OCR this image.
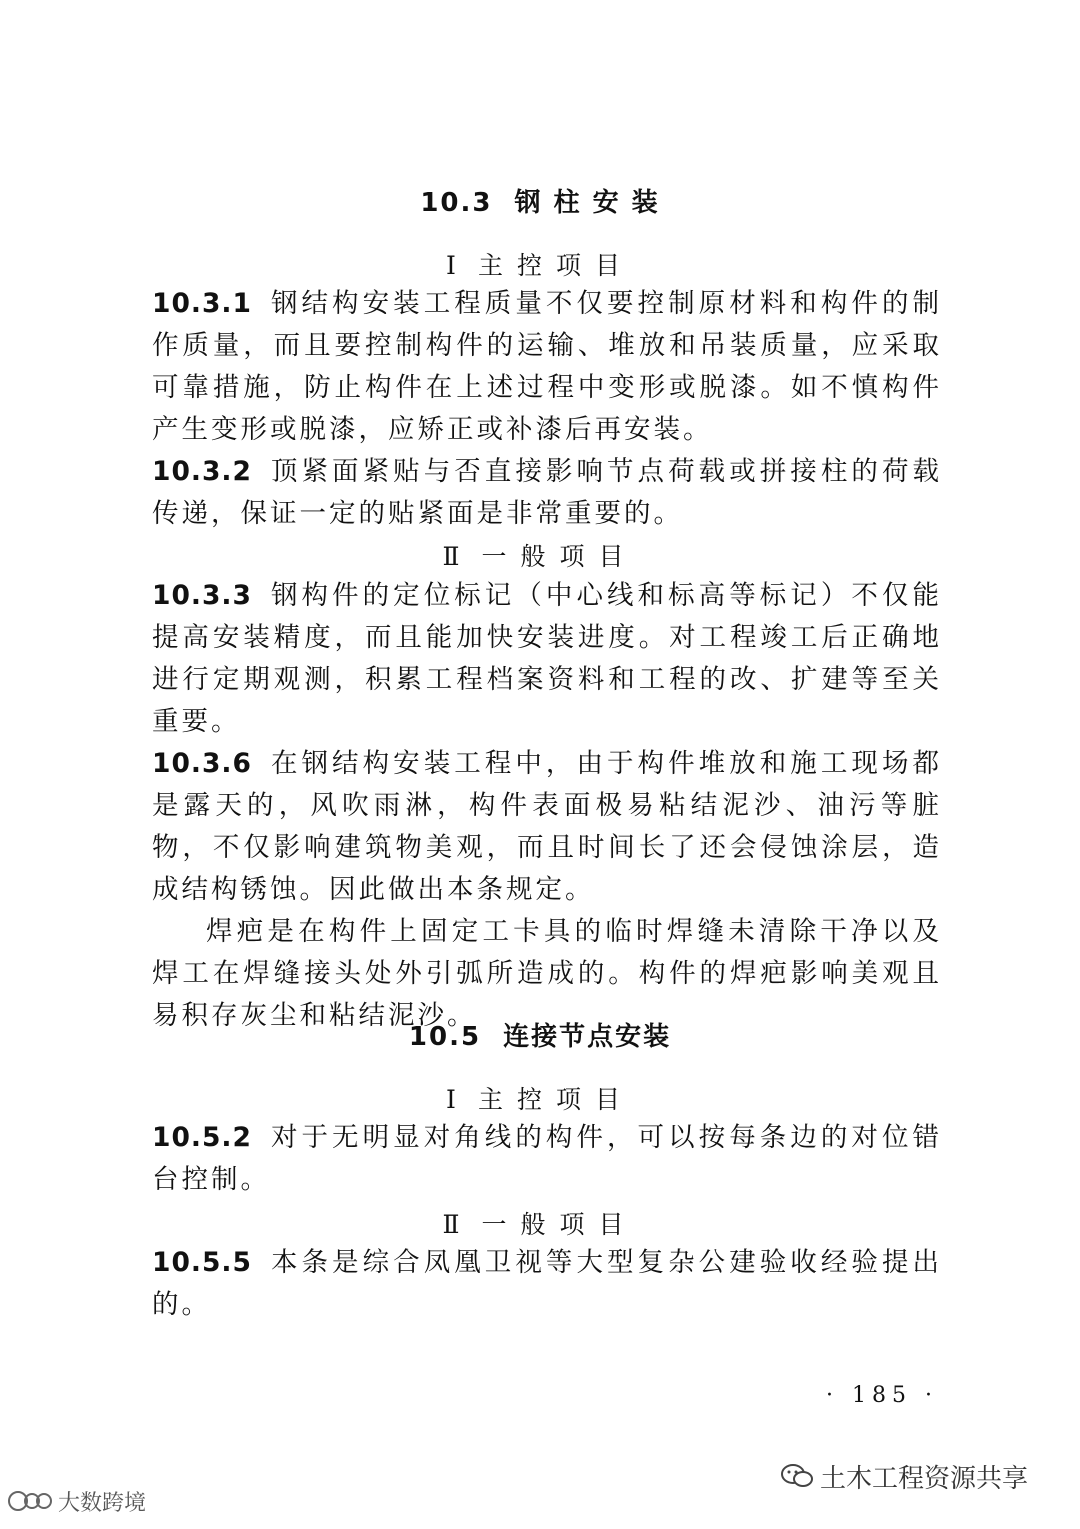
10.3 钢 柱 安 装
Ⅰ 主控项目

10.3.1 钢结构安装工程质量不仅要控制原材料和构件的制作质量，而且要控制构件的运输、堆放和吊装质量，应采取可靠措施，防止构件在上述过程中变形或脱漆。如不慎构件产生变形或脱漆，应矫正或补漆后再安装。

10.3.2 顶紧面紧贴与否直接影响节点荷载或拼接柱的荷载传递，保证一定的贴紧面是非常重要的。

Ⅱ 一般项目

10.3.3 钢构件的定位标记（中心线和标高等标记）不仅能提高安装精度，而且能加快安装进度。对工程竣工后正确地进行定期观测，积累工程档案资料和工程的改、扩建等至关重要。

10.3.6 在钢结构安装工程中，由于构件堆放和施工现场都是露天的，风吹雨淋，构件表面极易粘结泥沙、油污等脏物，不仅影响建筑物美观，而且时间长了还会侵蚀涂层，造成结构锈蚀。因此做出本条规定。

焊疤是在构件上固定工卡具的临时焊缝未清除干净以及焊工在焊缝接头处外引弧所造成的。构件的焊疤影响美观且易积存灰尘和粘结泥沙。

10.5 连接节点安装
Ⅰ 主控项目

10.5.2 对于无明显对角线的构件，可以按每条边的对位错台控制。

Ⅱ 一般项目

10.5.5 本条是综合凤凰卫视等大型复杂公建验收经验提出的。

· 185 ·
土木工程资源共享
大数跨境
